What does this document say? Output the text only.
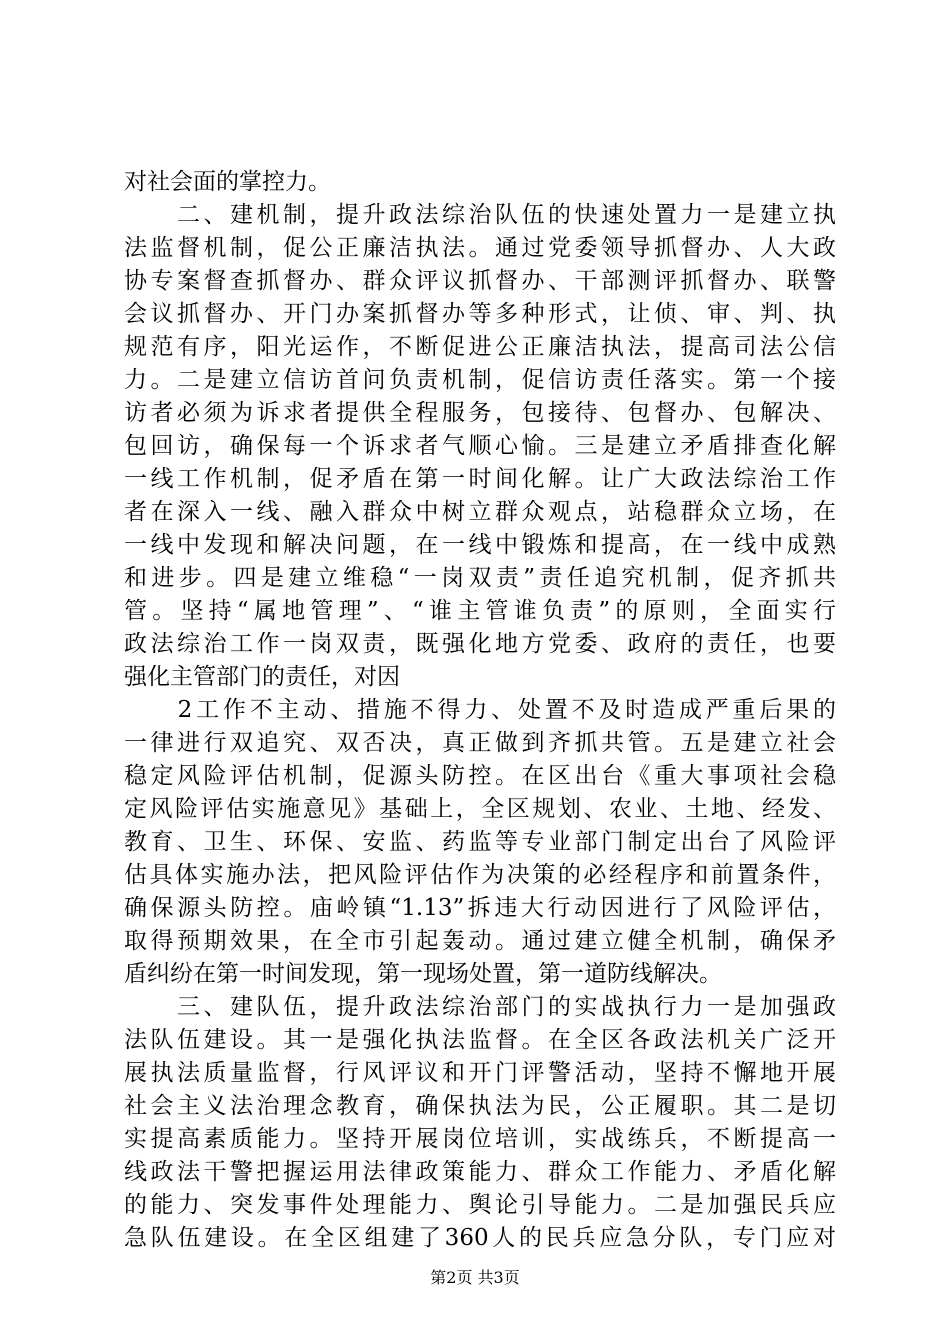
对社会面的掌控力。
　　二、建机制，提升政法综治队伍的快速处置力一是建立执
法监督机制，促公正廉洁执法。通过党委领导抓督办、人大政
协专案督查抓督办、群众评议抓督办、干部测评抓督办、联警
会议抓督办、开门办案抓督办等多种形式，让侦、审、判、执
规范有序，阳光运作，不断促进公正廉洁执法，提高司法公信
力。二是建立信访首问负责机制，促信访责任落实。第一个接
访者必须为诉求者提供全程服务，包接待、包督办、包解决、
包回访，确保每一个诉求者气顺心愉。三是建立矛盾排查化解
一线工作机制，促矛盾在第一时间化解。让广大政法综治工作
者在深入一线、融入群众中树立群众观点，站稳群众立场，在
一线中发现和解决问题，在一线中锻炼和提高，在一线中成熟
和进步。四是建立维稳“一岗双责”责任追究机制，促齐抓共
管。坚持“属地管理”、“谁主管谁负责”的原则，全面实行
政法综治工作一岗双责，既强化地方党委、政府的责任，也要
强化主管部门的责任，对因
　　2工作不主动、措施不得力、处置不及时造成严重后果的
一律进行双追究、双否决，真正做到齐抓共管。五是建立社会
稳定风险评估机制，促源头防控。在区出台《重大事项社会稳
定风险评估实施意见》基础上，全区规划、农业、土地、经发、
教育、卫生、环保、安监、药监等专业部门制定出台了风险评
估具体实施办法，把风险评估作为决策的必经程序和前置条件，
确保源头防控。庙岭镇“1.13”拆违大行动因进行了风险评估，
取得预期效果，在全市引起轰动。通过建立健全机制，确保矛
盾纠纷在第一时间发现，第一现场处置，第一道防线解决。
　　三、建队伍，提升政法综治部门的实战执行力一是加强政
法队伍建设。其一是强化执法监督。在全区各政法机关广泛开
展执法质量监督，行风评议和开门评警活动，坚持不懈地开展
社会主义法治理念教育，确保执法为民，公正履职。其二是切
实提高素质能力。坚持开展岗位培训，实战练兵，不断提高一
线政法干警把握运用法律政策能力、群众工作能力、矛盾化解
的能力、突发事件处理能力、舆论引导能力。二是加强民兵应
急队伍建设。在全区组建了360人的民兵应急分队，专门应对
第2页 共3页
